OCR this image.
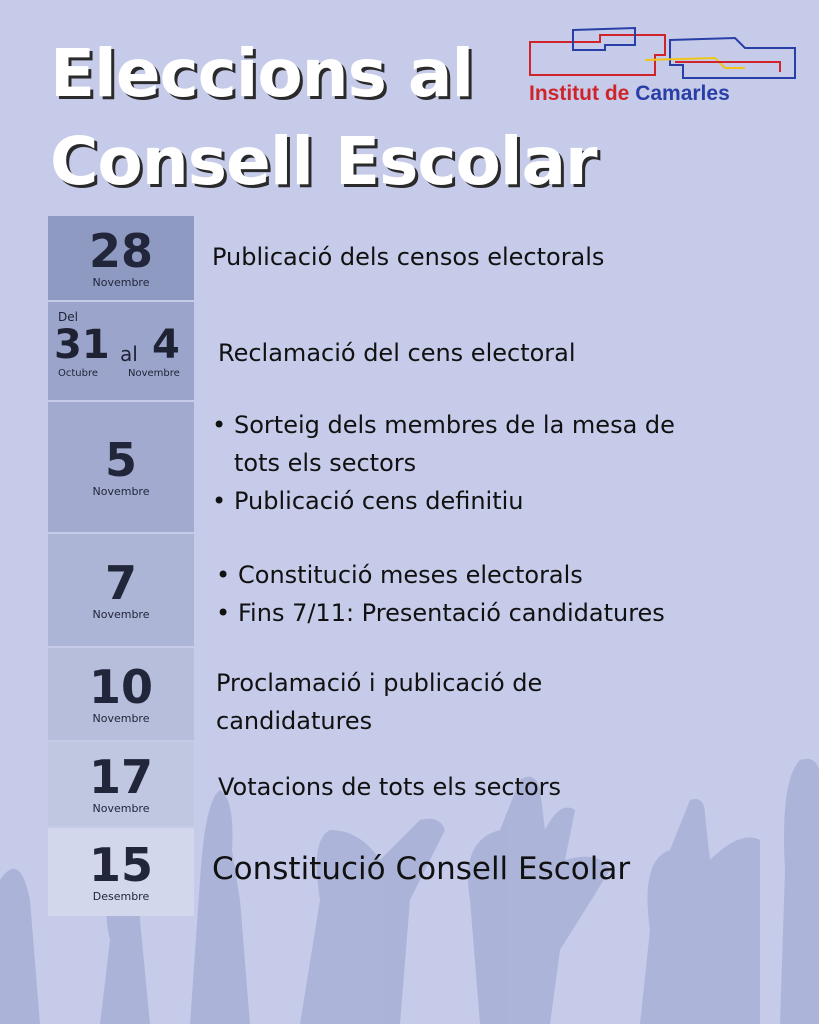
Eleccions al
Consell Escolar
Institut de Camarles
28
Novembre
Publicació dels censos electorals
Del
31 al 4
Octubre	Novembre
Reclamació del cens electoral
5
Novembre
• Sorteig dels membres de la mesa de tots els sectors
• Publicació cens definitiu
7
Novembre
• Constitució meses electorals
• Fins 7/11: Presentació candidatures
10
Novembre
Proclamació i publicació de candidatures
17
Novembre
Votacions de tots els sectors
15
Desembre
Constitució Consell Escolar
